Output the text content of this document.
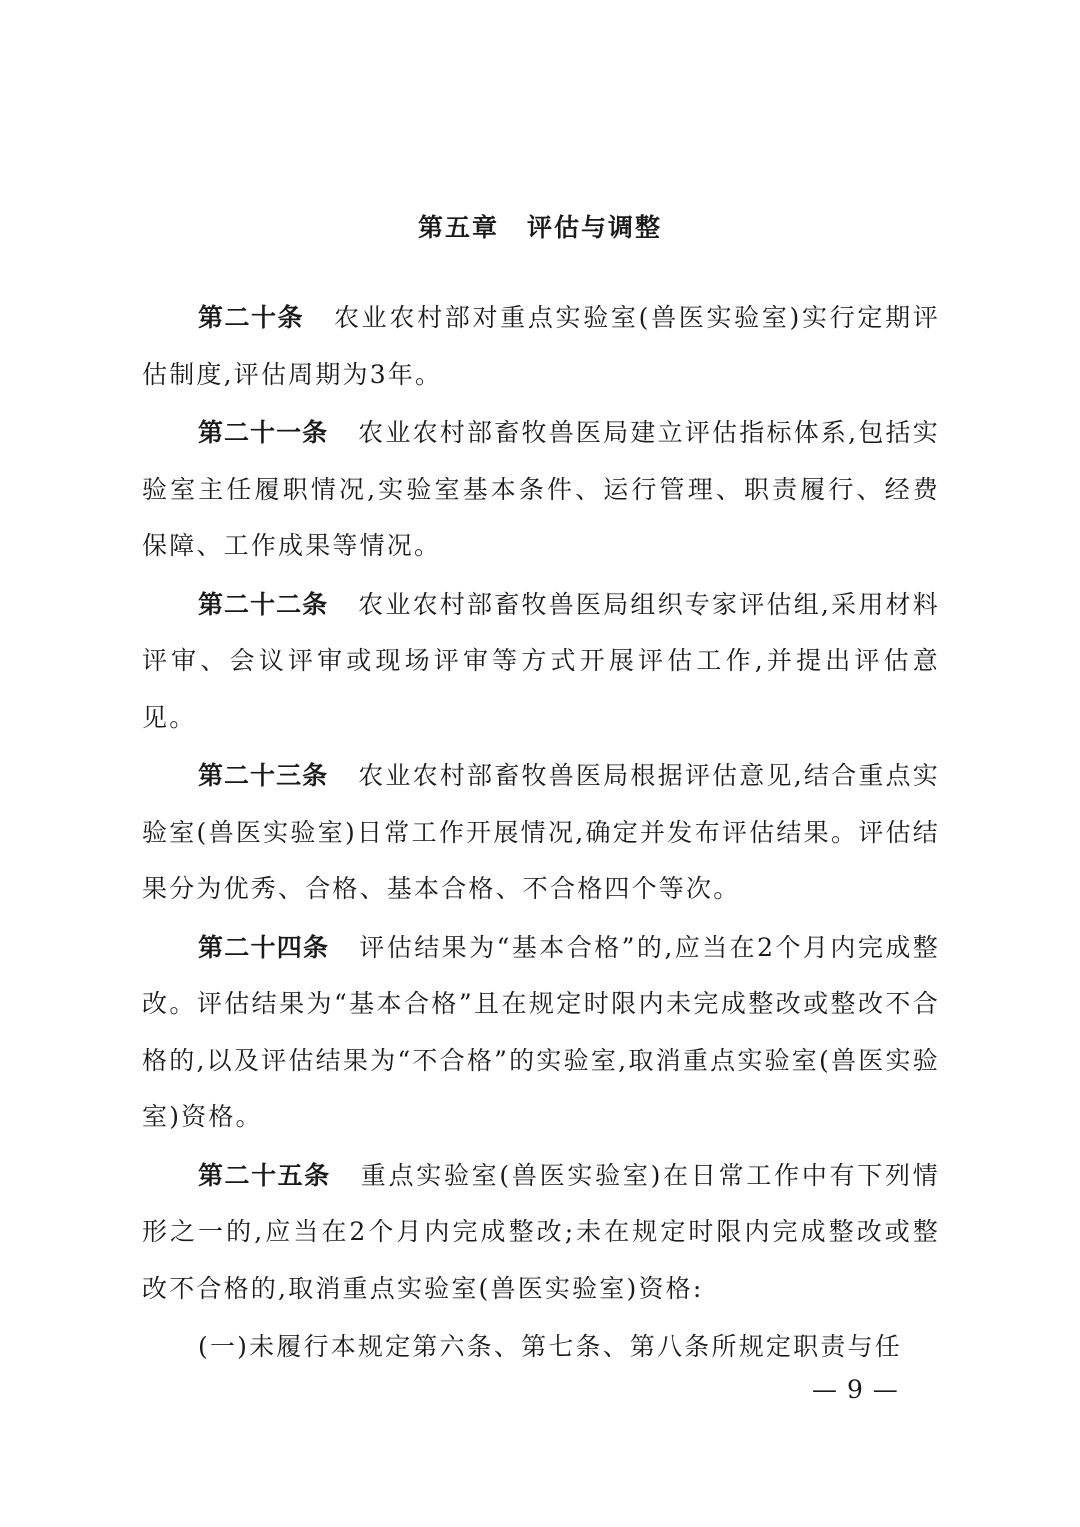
第五章 评估与调整

第二十条 农业农村部对重点实验室(兽医实验室)实行定期评估制度,评估周期为3年。

第二十一条 农业农村部畜牧兽医局建立评估指标体系,包括实验室主任履职情况,实验室基本条件、运行管理、职责履行、经费保障、工作成果等情况。

第二十二条 农业农村部畜牧兽医局组织专家评估组,采用材料评审、会议评审或现场评审等方式开展评估工作,并提出评估意见。

第二十三条 农业农村部畜牧兽医局根据评估意见,结合重点实验室(兽医实验室)日常工作开展情况,确定并发布评估结果。评估结果分为优秀、合格、基本合格、不合格四个等次。

第二十四条 评估结果为“基本合格”的,应当在2个月内完成整改。评估结果为“基本合格”且在规定时限内未完成整改或整改不合格的,以及评估结果为“不合格”的实验室,取消重点实验室(兽医实验室)资格。

第二十五条 重点实验室(兽医实验室)在日常工作中有下列情形之一的,应当在2个月内完成整改;未在规定时限内完成整改或整改不合格的,取消重点实验室(兽医实验室)资格:

(一)未履行本规定第六条、第七条、第八条所规定职责与任

— 9 —
